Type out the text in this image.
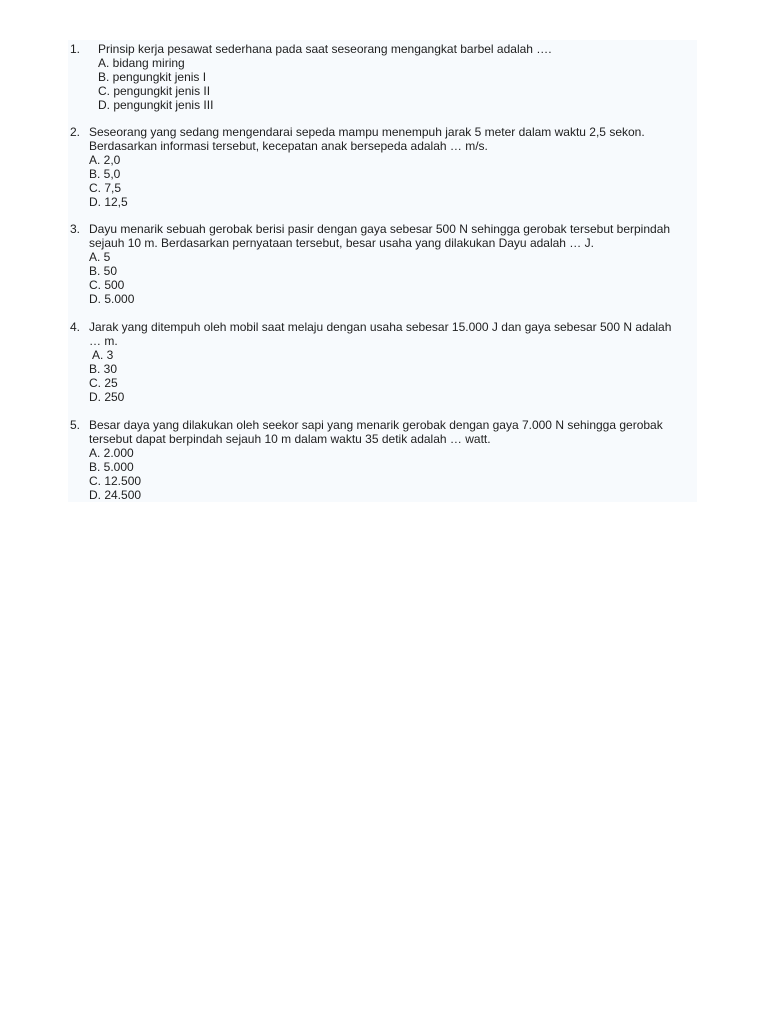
1. Prinsip kerja pesawat sederhana pada saat seseorang mengangkat barbel adalah ….
A. bidang miring
B. pengungkit jenis I
C. pengungkit jenis II
D. pengungkit jenis III
2. Seseorang yang sedang mengendarai sepeda mampu menempuh jarak 5 meter dalam waktu 2,5 sekon.
Berdasarkan informasi tersebut, kecepatan anak bersepeda adalah … m/s.
A. 2,0
B. 5,0
C. 7,5
D. 12,5
3. Dayu menarik sebuah gerobak berisi pasir dengan gaya sebesar 500 N sehingga gerobak tersebut berpindah
sejauh 10 m. Berdasarkan pernyataan tersebut, besar usaha yang dilakukan Dayu adalah … J.
A. 5
B. 50
C. 500
D. 5.000
4. Jarak yang ditempuh oleh mobil saat melaju dengan usaha sebesar 15.000 J dan gaya sebesar 500 N adalah
… m.
A. 3
B. 30
C. 25
D. 250
5. Besar daya yang dilakukan oleh seekor sapi yang menarik gerobak dengan gaya 7.000 N sehingga gerobak
tersebut dapat berpindah sejauh 10 m dalam waktu 35 detik adalah … watt.
A. 2.000
B. 5.000
C. 12.500
D. 24.500
